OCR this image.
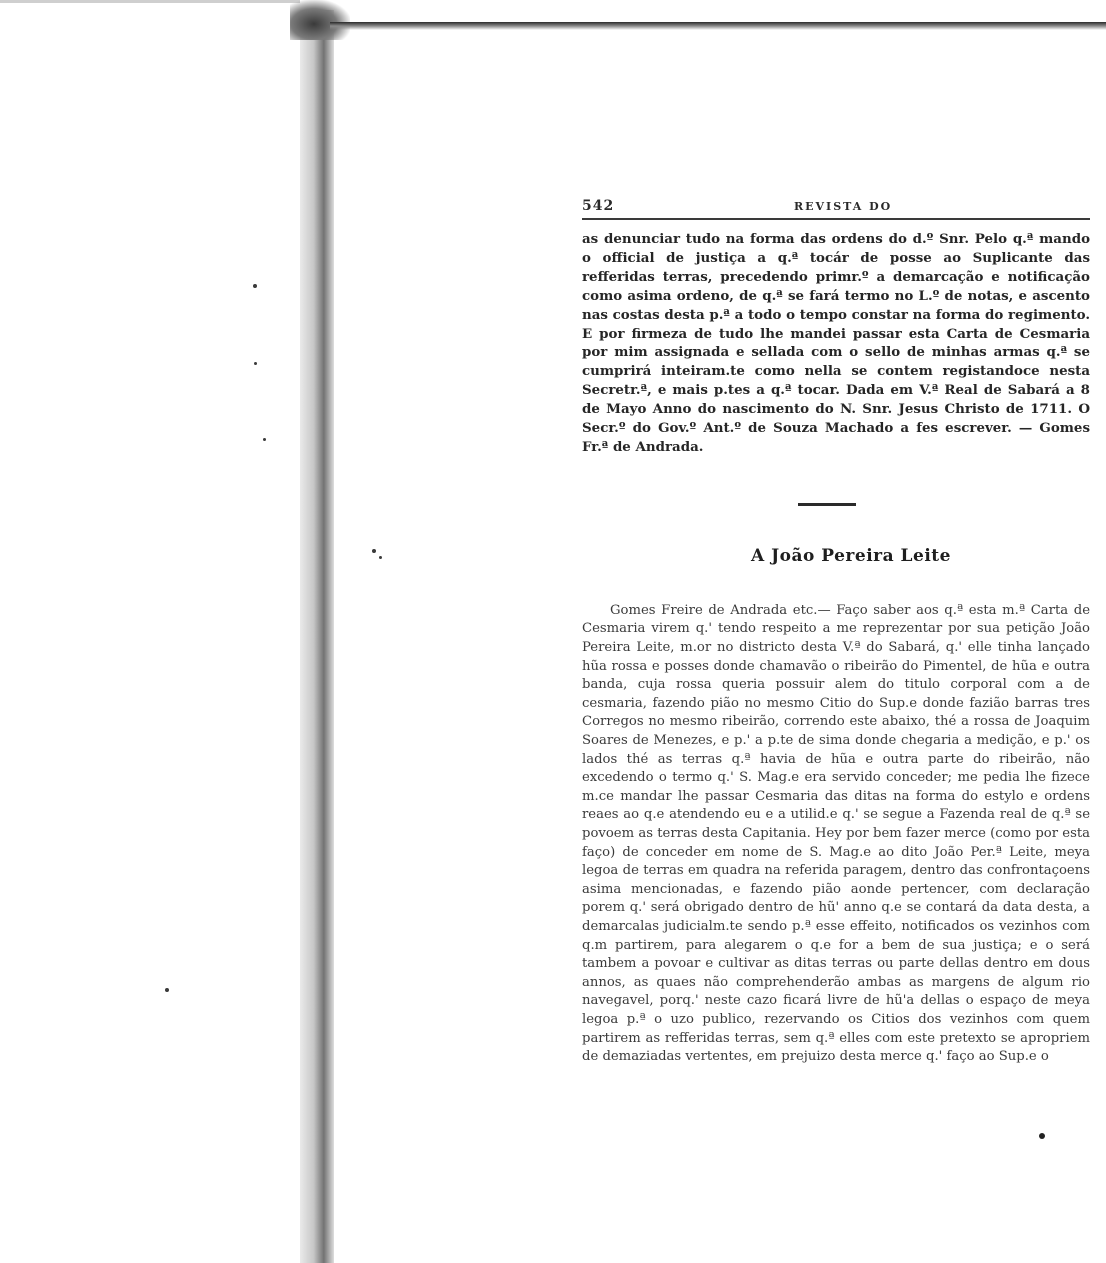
542	REVISTA DO

as denunciar tudo na forma das ordens do d.º Snr. Pelo q.ª mando o official de justiça a q.ª tocár de posse ao Suplicante das refferidas terras, precedendo primr.º a demarcação e notificação como asima ordeno, de q.ª se fará termo no L.º de notas, e ascento nas costas desta p.ª a todo o tempo constar na forma do regimento. E por firmeza de tudo lhe mandei passar esta Carta de Cesmaria por mim assignada e sellada com o sello de minhas armas q.ª se cumprirá inteiram.te como nella se contem registandoce nesta Secretr.ª, e mais p.tes a q.ª tocar. Dada em V.ª Real de Sabará a 8 de Mayo Anno do nascimento do N. Snr. Jesus Christo de 1711. O Secr.º do Gov.º Ant.º de Souza Machado a fes escrever. — Gomes Fr.ª de Andrada.

A João Pereira Leite

Gomes Freire de Andrada etc.— Faço saber aos q.ª esta m.ª Carta de Cesmaria virem q.' tendo respeito a me reprezentar por sua petição João Pereira Leite, m.or no districto desta V.ª do Sabará, q.' elle tinha lançado hũa rossa e posses donde chamavão o ribeirão do Pimentel, de hũa e outra banda, cuja rossa queria possuir alem do titulo corporal com a de cesmaria, fazendo pião no mesmo Citio do Sup.e donde fazião barras tres Corregos no mesmo ribeirão, correndo este abaixo, thé a rossa de Joaquim Soares de Menezes, e p.' a p.te de sima donde chegaria a medição, e p.' os lados thé as terras q.ª havia de hũa e outra parte do ribeirão, não excedendo o termo q.' S. Mag.e era servido conceder; me pedia lhe fizece m.ce mandar lhe passar Cesmaria das ditas na forma do estylo e ordens reaes ao q.e atendendo eu e a utilid.e q.' se segue a Fazenda real de q.ª se povoem as terras desta Capitania. Hey por bem fazer merce (como por esta faço) de conceder em nome de S. Mag.e ao dito João Per.ª Leite, meya legoa de terras em quadra na referida paragem, dentro das confrontaçoens asima mencionadas, e fazendo pião aonde pertencer, com declaração porem q.' será obrigado dentro de hũ' anno q.e se contará da data desta, a demarcalas judicialm.te sendo p.ª esse effeito, notificados os vezinhos com q.m partirem, para alegarem o q.e for a bem de sua justiça; e o será tambem a povoar e cultivar as ditas terras ou parte dellas dentro em dous annos, as quaes não comprehenderão ambas as margens de algum rio navegavel, porq.' neste cazo ficará livre de hũ'a dellas o espaço de meya legoa p.ª o uzo publico, rezervando os Citios dos vezinhos com quem partirem as refferidas terras, sem q.ª elles com este pretexto se apropriem de demaziadas vertentes, em prejuizo desta merce q.' faço ao Sup.e o
